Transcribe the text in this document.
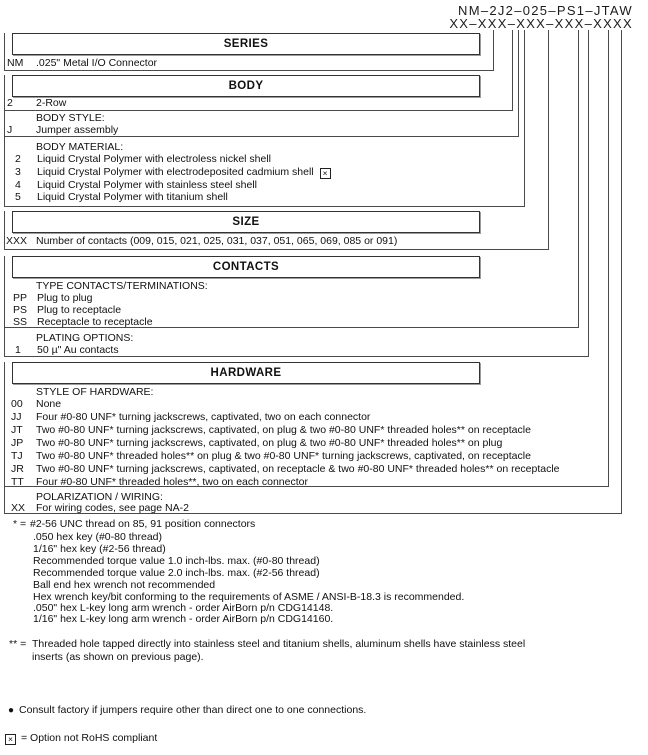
NM–2J2–025–PS1–JTAW
XX–XXX–XXX–XXX–XXXX
SERIES
NM .025" Metal I/O Connector
BODY
2 2-Row
BODY STYLE:
J Jumper assembly
BODY MATERIAL:
2 Liquid Crystal Polymer with electroless nickel shell
3 Liquid Crystal Polymer with electrodeposited cadmium shell ×
4 Liquid Crystal Polymer with stainless steel shell
5 Liquid Crystal Polymer with titanium shell
SIZE
XXX Number of contacts (009, 015, 021, 025, 031, 037, 051, 065, 069, 085 or 091)
CONTACTS
TYPE CONTACTS/TERMINATIONS:
PP Plug to plug
PS Plug to receptacle
SS Receptacle to receptacle
PLATING OPTIONS:
1 50 µ" Au contacts
HARDWARE
STYLE OF HARDWARE:
00 None
JJ Four #0-80 UNF* turning jackscrews, captivated, two on each connector
JT Two #0-80 UNF* turning jackscrews, captivated, on plug & two #0-80 UNF* threaded holes** on receptacle
JP Two #0-80 UNF* turning jackscrews, captivated, on plug & two #0-80 UNF* threaded holes** on plug
TJ Two #0-80 UNF* threaded holes** on plug & two #0-80 UNF* turning jackscrews, captivated, on receptacle
JR Two #0-80 UNF* turning jackscrews, captivated, on receptacle & two #0-80 UNF* threaded holes** on receptacle
TT Four #0-80 UNF* threaded holes**, two on each connector
POLARIZATION / WIRING:
XX For wiring codes, see page NA-2
* = #2-56 UNC thread on 85, 91 position connectors
.050 hex key (#0-80 thread)
1/16" hex key (#2-56 thread)
Recommended torque value 1.0 inch-lbs. max. (#0-80 thread)
Recommended torque value 2.0 inch-lbs. max. (#2-56 thread)
Ball end hex wrench not recommended
Hex wrench key/bit conforming to the requirements of ASME / ANSI-B-18.3 is recommended.
.050" hex L-key long arm wrench - order AirBorn p/n CDG14148.
1/16" hex L-key long arm wrench - order AirBorn p/n CDG14160.
** = Threaded hole tapped directly into stainless steel and titanium shells, aluminum shells have stainless steel
inserts (as shown on previous page).
● Consult factory if jumpers require other than direct one to one connections.
× = Option not RoHS compliant
